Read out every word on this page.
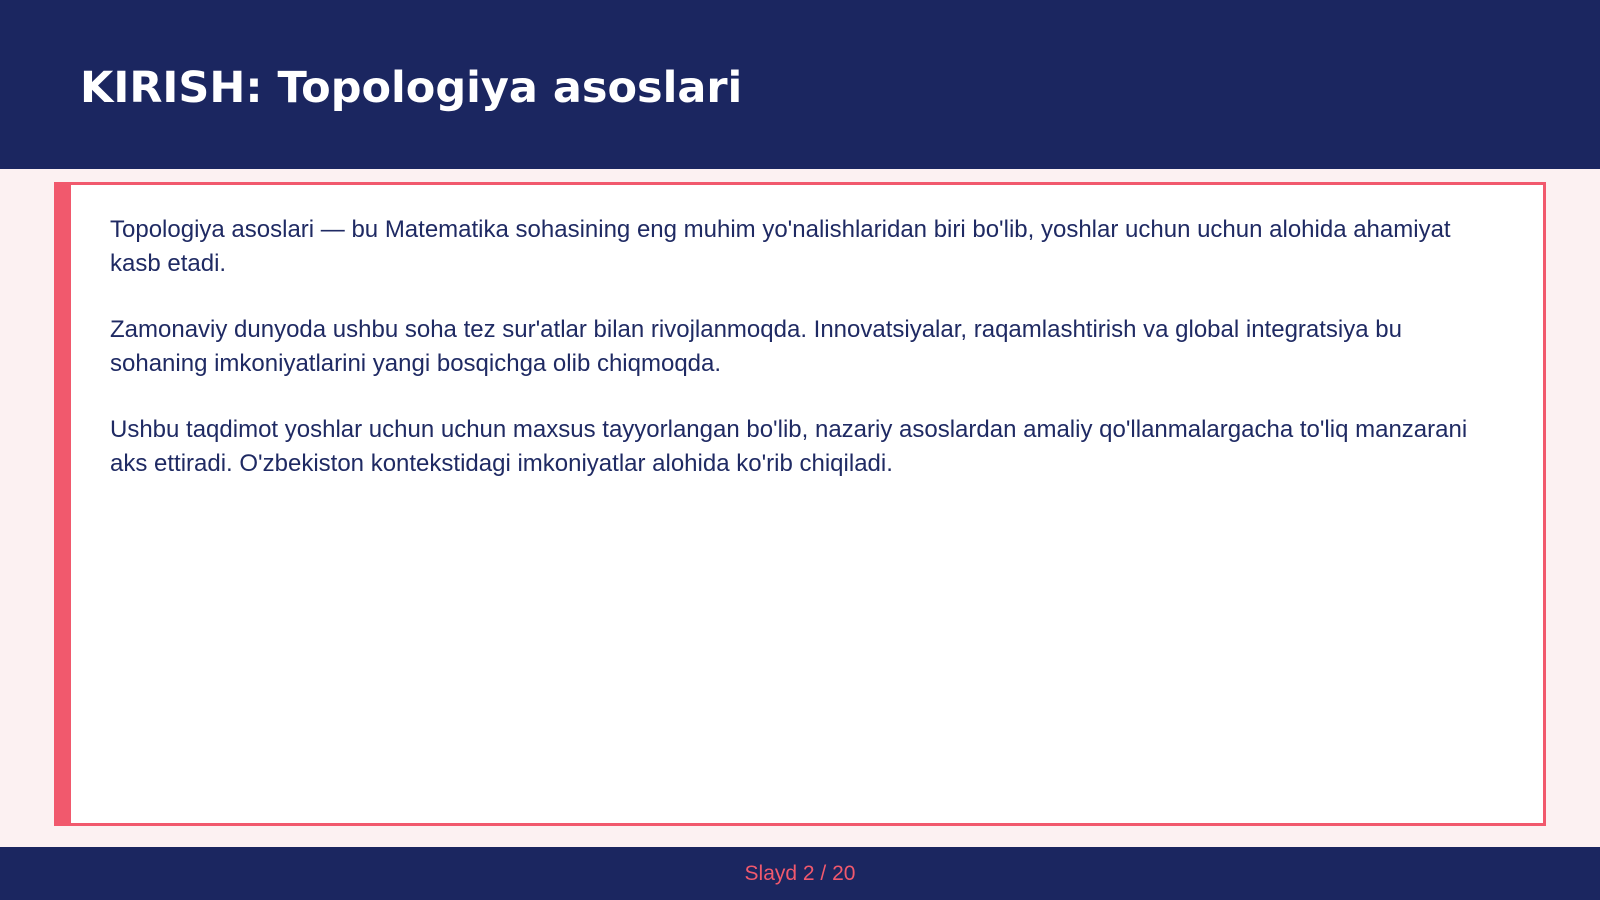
KIRISH: Topologiya asoslari

Topologiya asoslari — bu Matematika sohasining eng muhim yo'nalishlaridan biri bo'lib, yoshlar uchun uchun alohida ahamiyat kasb etadi.

Zamonaviy dunyoda ushbu soha tez sur'atlar bilan rivojlanmoqda. Innovatsiyalar, raqamlashtirish va global integratsiya bu sohaning imkoniyatlarini yangi bosqichga olib chiqmoqda.

Ushbu taqdimot yoshlar uchun uchun maxsus tayyorlangan bo'lib, nazariy asoslardan amaliy qo'llanmalargacha to'liq manzarani aks ettiradi. O'zbekiston kontekstidagi imkoniyatlar alohida ko'rib chiqiladi.

Slayd 2 / 20
